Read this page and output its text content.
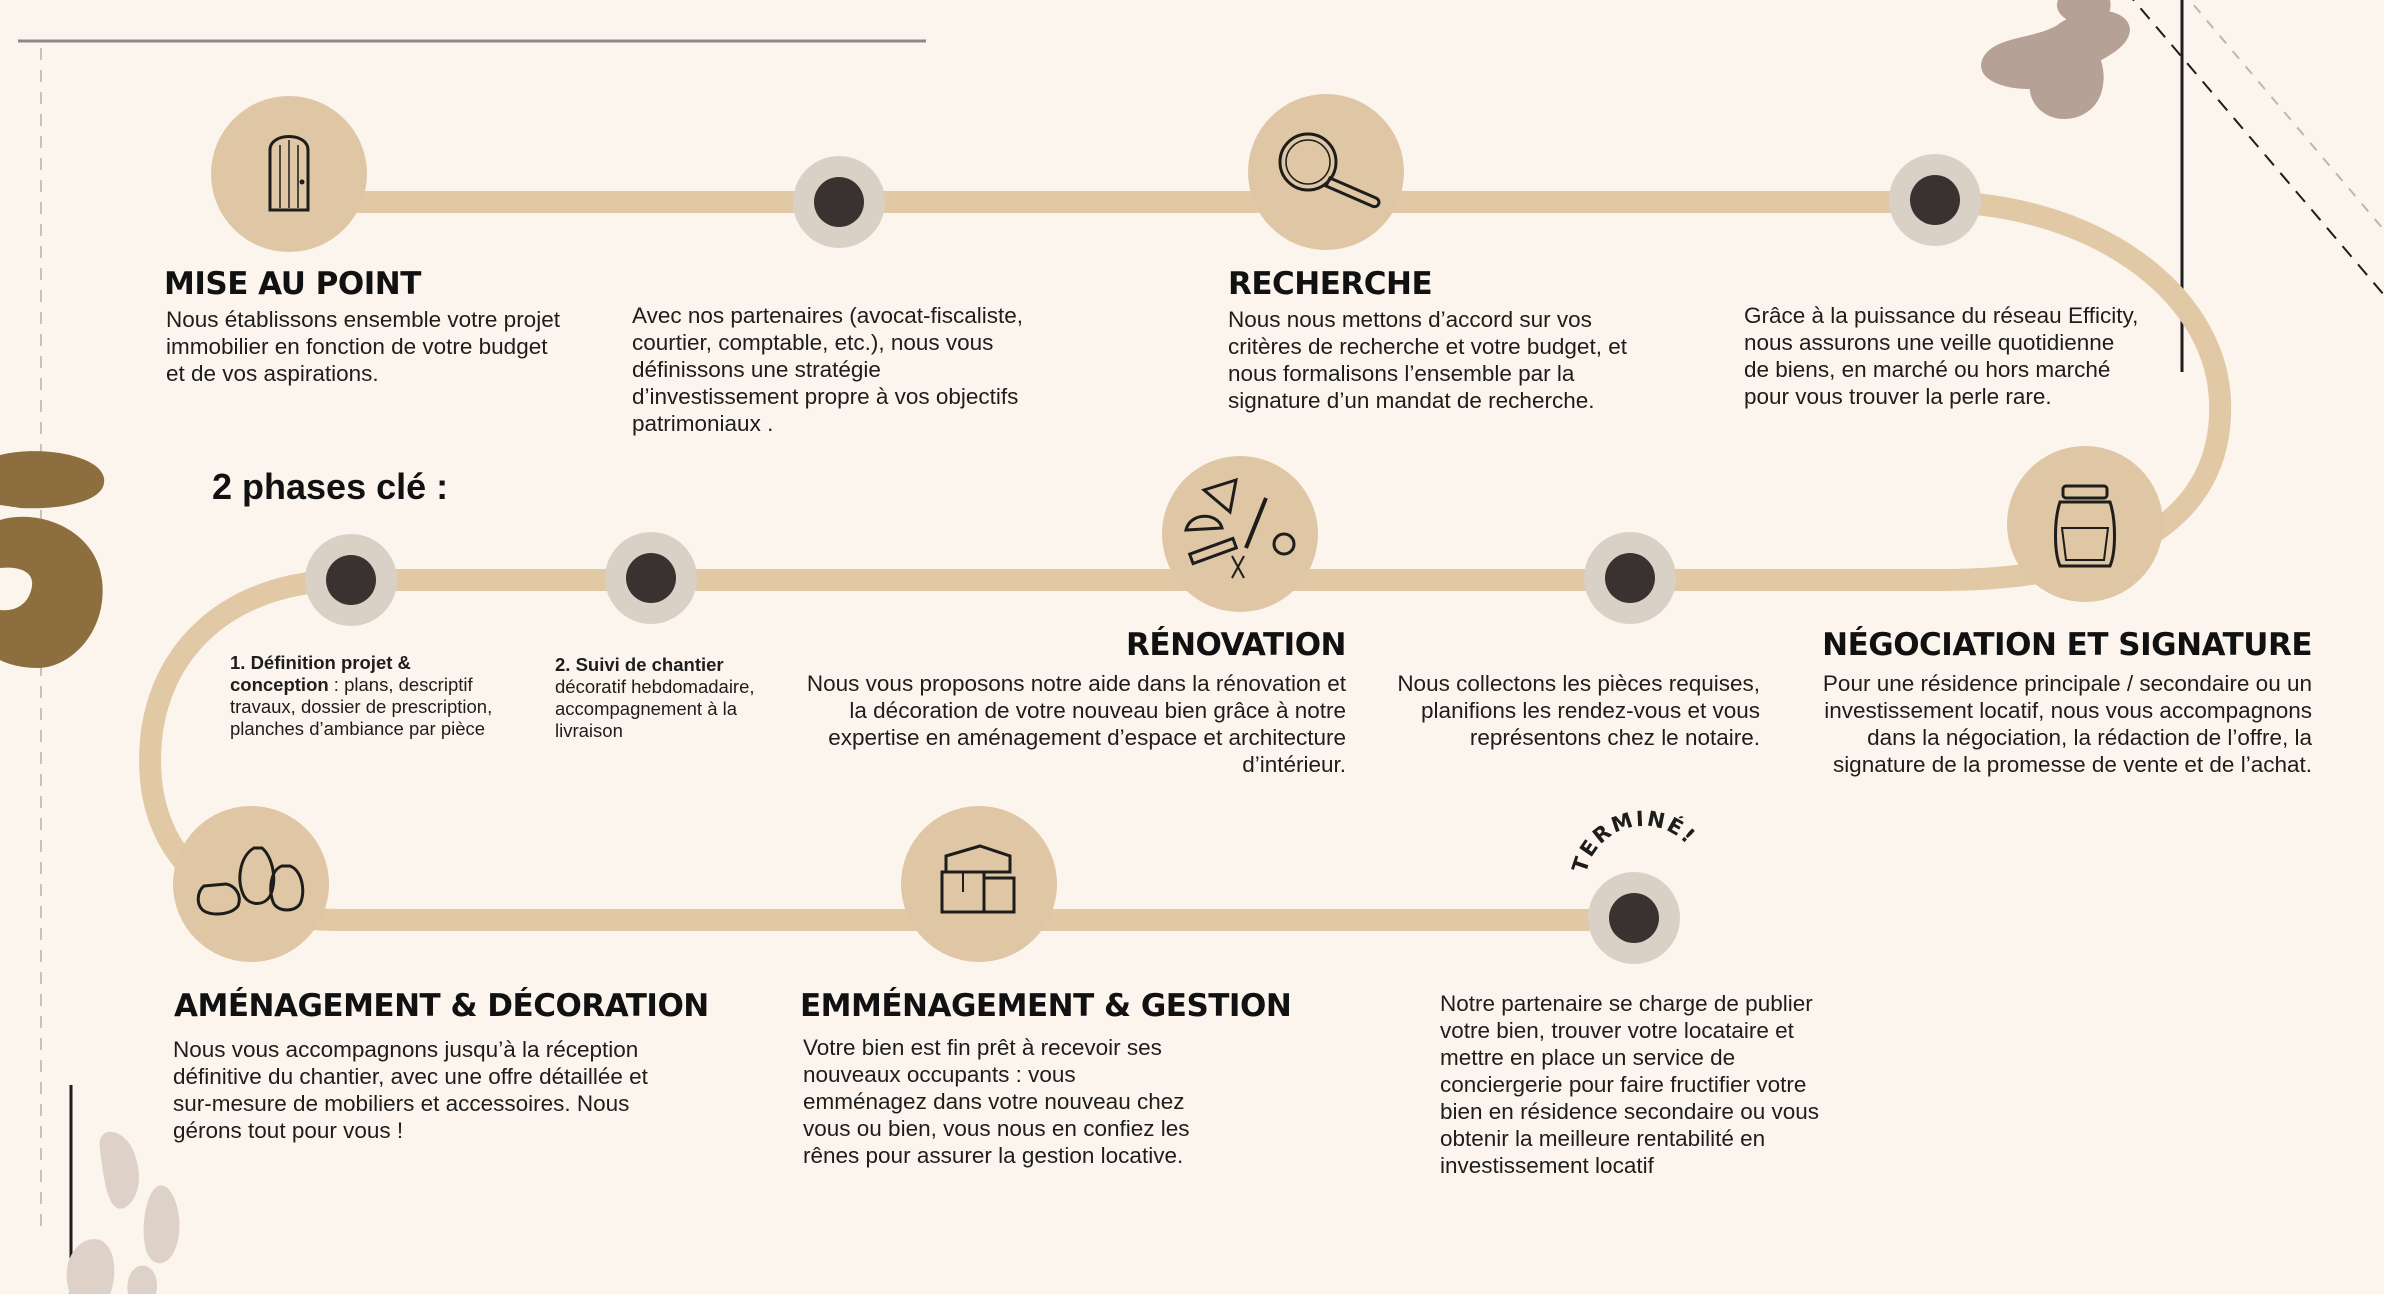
TERMINÉ!
MISE AU POINT

Nous établissons ensemble votre projet immobilier en fonction de votre budget et de vos aspirations.

Avec nos partenaires (avocat-fiscaliste, courtier, comptable, etc.), nous vous définissons une stratégie d’investissement propre à vos objectifs patrimoniaux .

RECHERCHE

Nous nous mettons d’accord sur vos critères de recherche et votre budget, et nous formalisons l’ensemble par la signature d’un mandat de recherche.

Grâce à la puissance du réseau Efficity, nous assurons une veille quotidienne de biens, en marché ou hors marché pour vous trouver la perle rare.

2 phases clé :

1. Définition projet & conception : plans, descriptif travaux, dossier de prescription, planches d’ambiance par pièce

2. Suivi de chantier
décoratif hebdomadaire, accompagnement à la livraison

RÉNOVATION

Nous vous proposons notre aide dans la rénovation et la décoration de votre nouveau bien grâce à notre expertise en aménagement d’espace et architecture d’intérieur.

Nous collectons les pièces requises, planifions les rendez-vous et vous représentons chez le notaire.

NÉGOCIATION ET SIGNATURE

Pour une résidence principale / secondaire ou un investissement locatif, nous vous accompagnons dans la négociation, la rédaction de l’offre, la signature de la promesse de vente et de l’achat.

AMÉNAGEMENT & DÉCORATION

Nous vous accompagnons jusqu’à la réception définitive du chantier, avec une offre détaillée et sur-mesure de mobiliers et accessoires. Nous gérons tout pour vous !

EMMÉNAGEMENT & GESTION

Votre bien est fin prêt à recevoir ses nouveaux occupants : vous emménagez dans votre nouveau chez vous ou bien, vous nous en confiez les rênes pour assurer la gestion locative.

Notre partenaire se charge de publier votre bien, trouver votre locataire et mettre en place un service de conciergerie pour faire fructifier votre bien en résidence secondaire ou vous obtenir la meilleure rentabilité en investissement locatif
